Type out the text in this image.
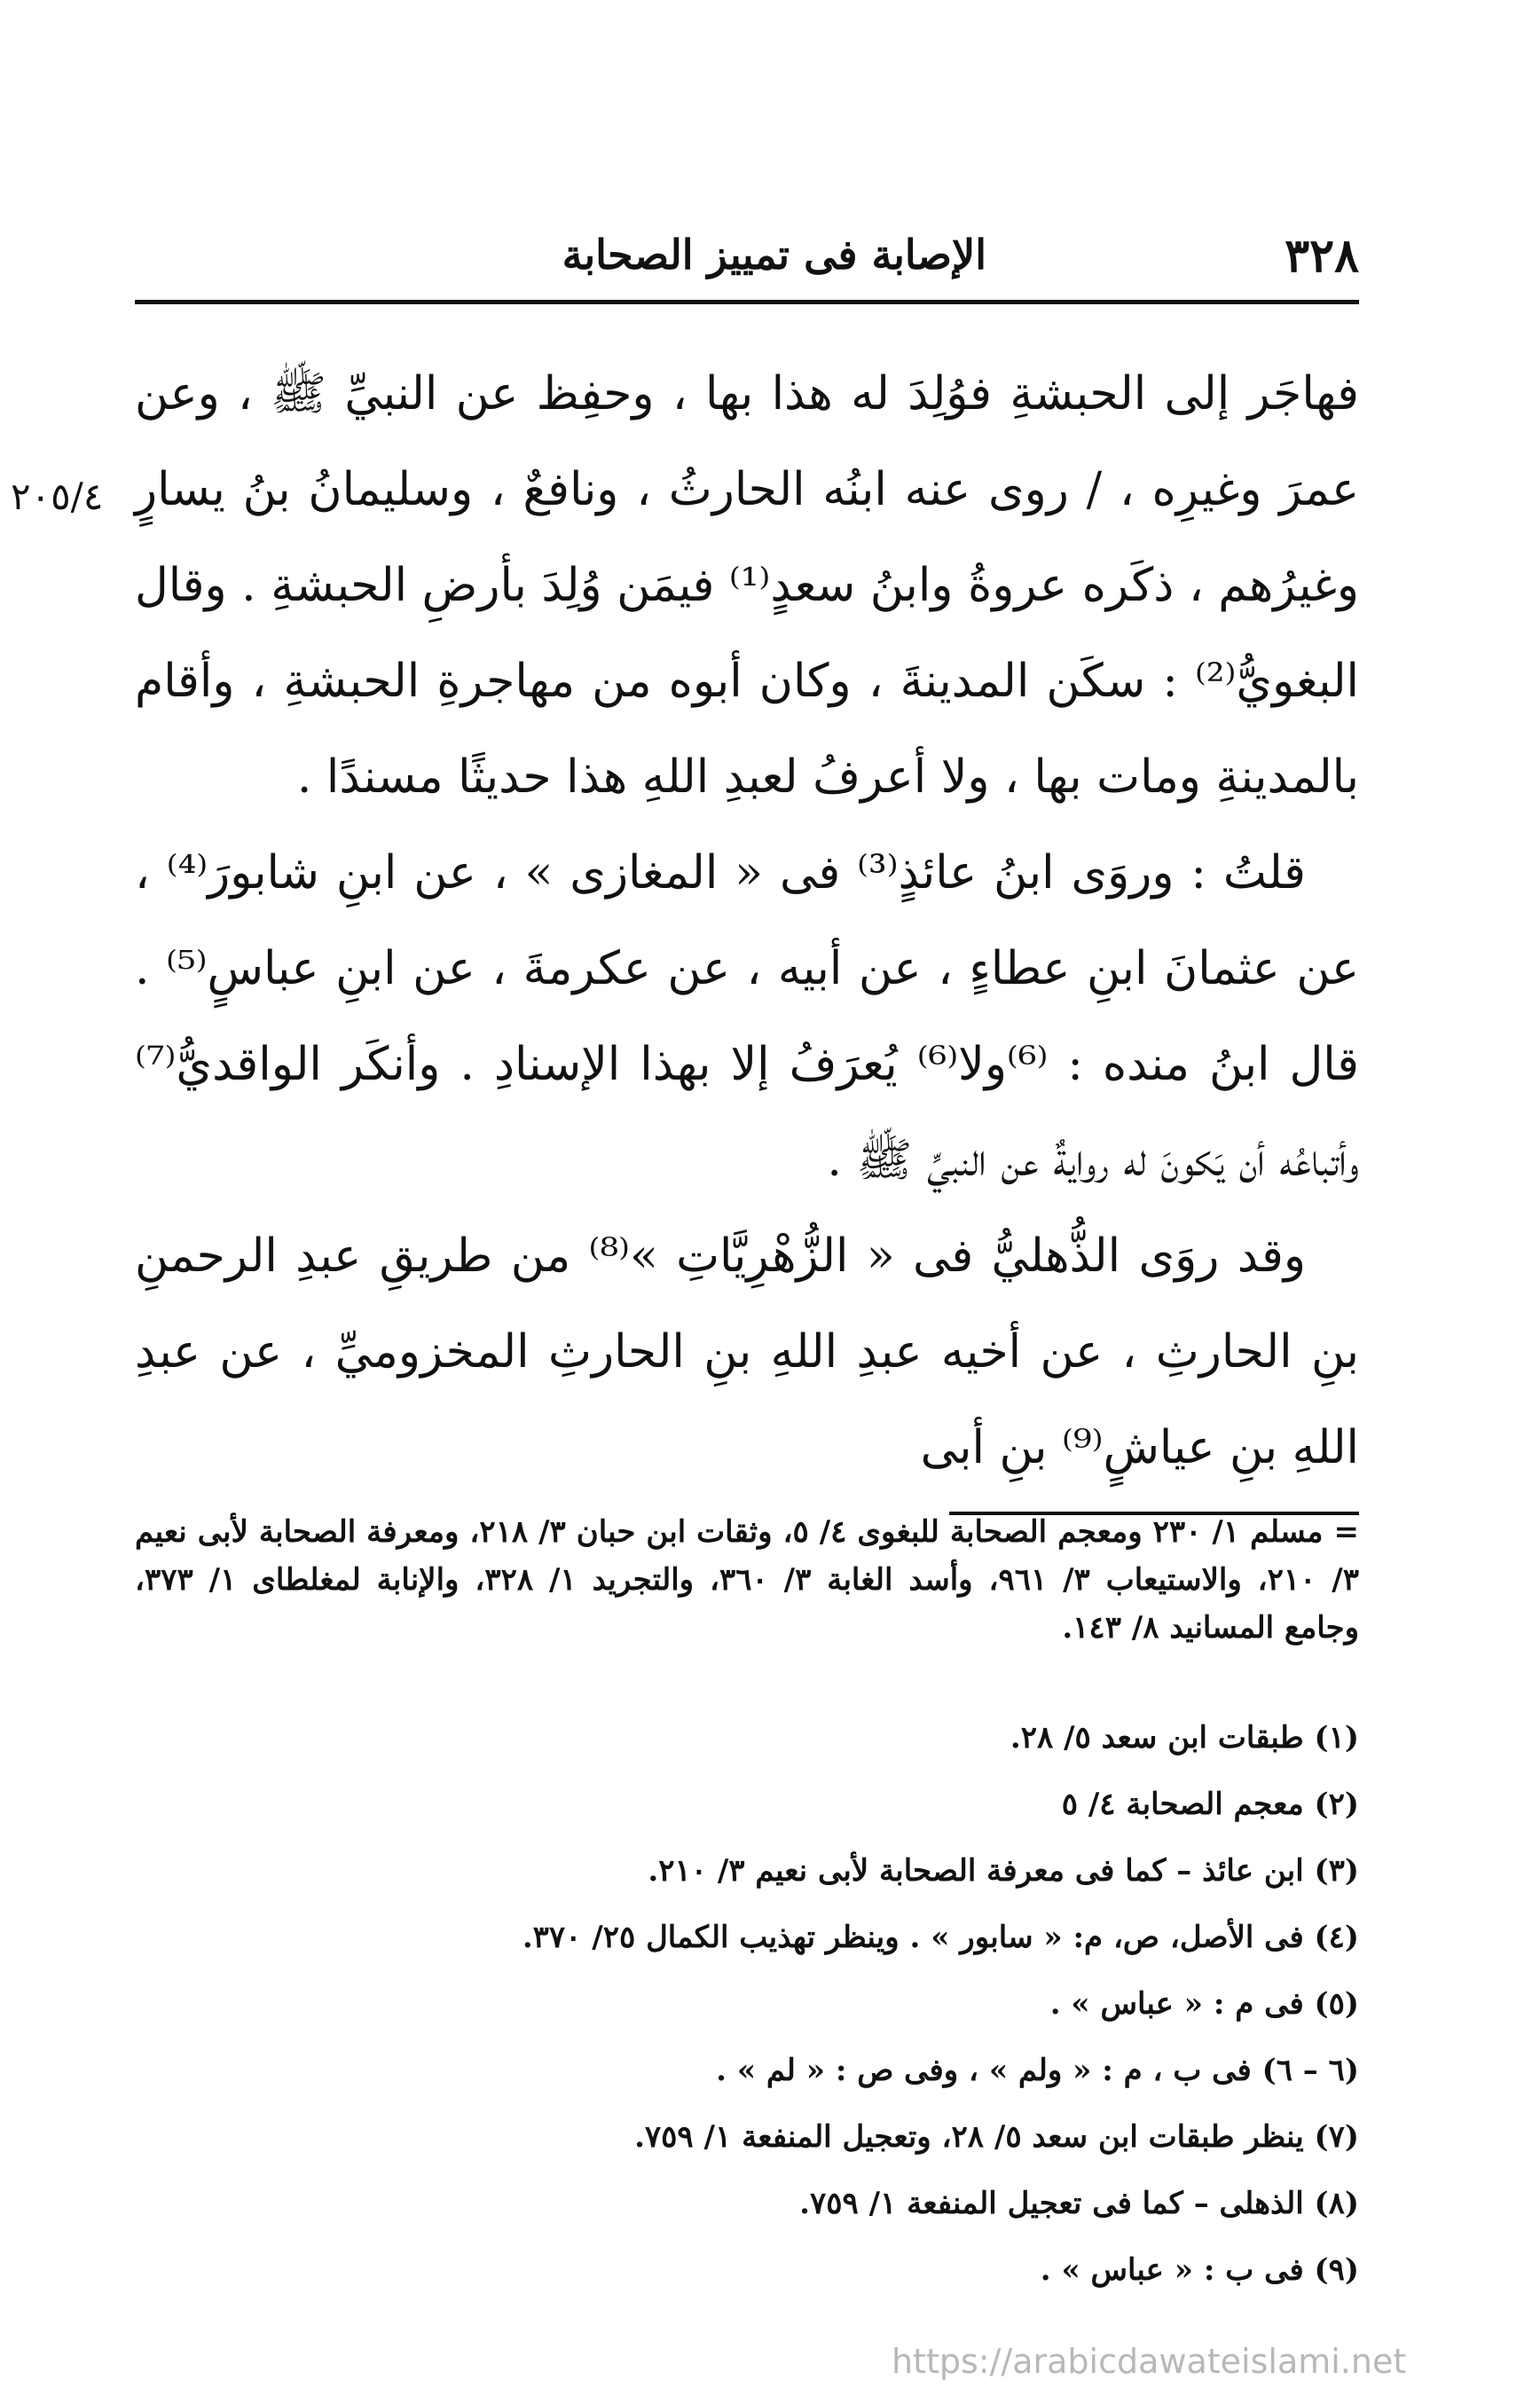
٣٢٨
الإصابة فى تمييز الصحابة
٢٠٥/٤

فهاجَر إلى الحبشةِ فوُلِدَ له هذا بها ، وحفِظ عن النبيِّ ﷺ ، وعن عمرَ وغيرِه ، / روى عنه ابنُه الحارثُ ، ونافعٌ ، وسليمانُ بنُ يسارٍ وغيرُهم ، ذكَره عروةُ وابنُ سعدٍ⁽¹⁾ فيمَن وُلِدَ بأرضِ الحبشةِ . وقال البغويُّ⁽²⁾ : سكَن المدينةَ ، وكان أبوه من مهاجرةِ الحبشةِ ، وأقام بالمدينةِ ومات بها ، ولا أعرفُ لعبدِ اللهِ هذا حديثًا مسندًا .

قلتُ : وروَى ابنُ عائذٍ⁽³⁾ فى « المغازى » ، عن ابنِ شابورَ⁽⁴⁾ ، عن عثمانَ ابنِ عطاءٍ ، عن أبيه ، عن عكرمةَ ، عن ابنِ عباسٍ⁽⁵⁾ . قال ابنُ منده : ⁽⁶⁾ولا⁽⁶⁾ يُعرَفُ إلا بهذا الإسنادِ . وأنكَر الواقديُّ⁽⁷⁾ وأتباعُه أن يَكونَ له روايةٌ عن النبيِّ ﷺ .

وقد روَى الذُّهليُّ فى « الزُّهْرِيَّاتِ »⁽⁸⁾ من طريقِ عبدِ الرحمنِ بنِ الحارثِ ، عن أخيه عبدِ اللهِ بنِ الحارثِ المخزوميِّ ، عن عبدِ اللهِ بنِ عياشٍ⁽⁹⁾ بنِ أبى

= مسلم ١/ ٢٣٠ ومعجم الصحابة للبغوى ٤/ ٥، وثقات ابن حبان ٣/ ٢١٨، ومعرفة الصحابة لأبى نعيم ٣/ ٢١٠، والاستيعاب ٣/ ٩٦١، وأسد الغابة ٣/ ٣٦٠، والتجريد ١/ ٣٢٨، والإنابة لمغلطاى ١/ ٣٧٣، وجامع المسانيد ٨/ ١٤٣.

(١) طبقات ابن سعد ٥/ ٢٨.
(٢) معجم الصحابة ٤/ ٥
(٣) ابن عائذ – كما فى معرفة الصحابة لأبى نعيم ٣/ ٢١٠.
(٤) فى الأصل، ص، م: « سابور » . وينظر تهذيب الكمال ٢٥/ ٣٧٠.
(٥) فى م : « عباس » .
(٦ – ٦) فى ب ، م : « ولم » ، وفى ص : « لم » .
(٧) ينظر طبقات ابن سعد ٥/ ٢٨، وتعجيل المنفعة ١/ ٧٥٩.
(٨) الذهلى – كما فى تعجيل المنفعة ١/ ٧٥٩.
(٩) فى ب : « عباس » .
https://arabicdawateislami.net
